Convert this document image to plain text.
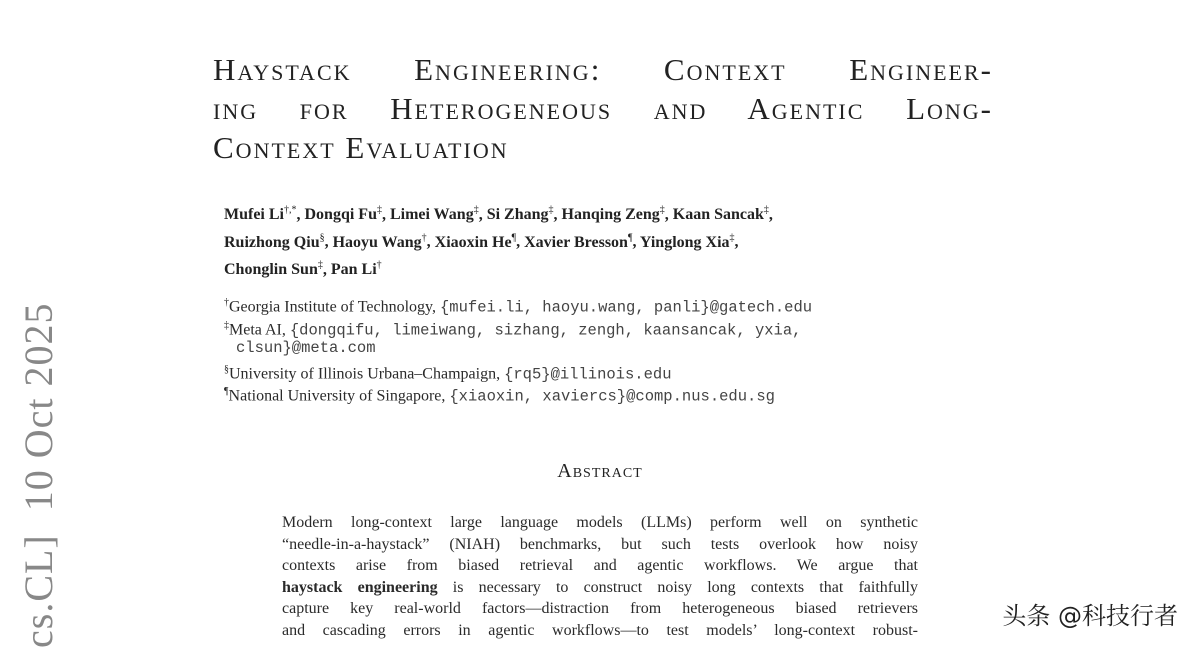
Haystack Engineering: Context Engineer-
ing for Heterogeneous and Agentic Long-
Context Evaluation
Mufei Li†,*, Dongqi Fu‡, Limei Wang‡, Si Zhang‡, Hanqing Zeng‡, Kaan Sancak‡,
Ruizhong Qiu§, Haoyu Wang†, Xiaoxin He¶, Xavier Bresson¶, Yinglong Xia‡,
Chonglin Sun‡, Pan Li†
†Georgia Institute of Technology, {mufei.li, haoyu.wang, panli}@gatech.edu
‡Meta AI, {dongqifu, limeiwang, sizhang, zengh, kaansancak, yxia,
clsun}@meta.com
§University of Illinois Urbana–Champaign, {rq5}@illinois.edu
¶National University of Singapore, {xiaoxin, xaviercs}@comp.nus.edu.sg
Abstract
Modern long-context large language models (LLMs) perform well on synthetic
“needle-in-a-haystack” (NIAH) benchmarks, but such tests overlook how noisy
contexts arise from biased retrieval and agentic workflows. We argue that
haystack engineering is necessary to construct noisy long contexts that faithfully
capture key real-world factors—distraction from heterogeneous biased retrievers
and cascading errors in agentic workflows—to test models’ long-context robust-
cs.CL] 10 Oct 2025
头条 @科技行者
